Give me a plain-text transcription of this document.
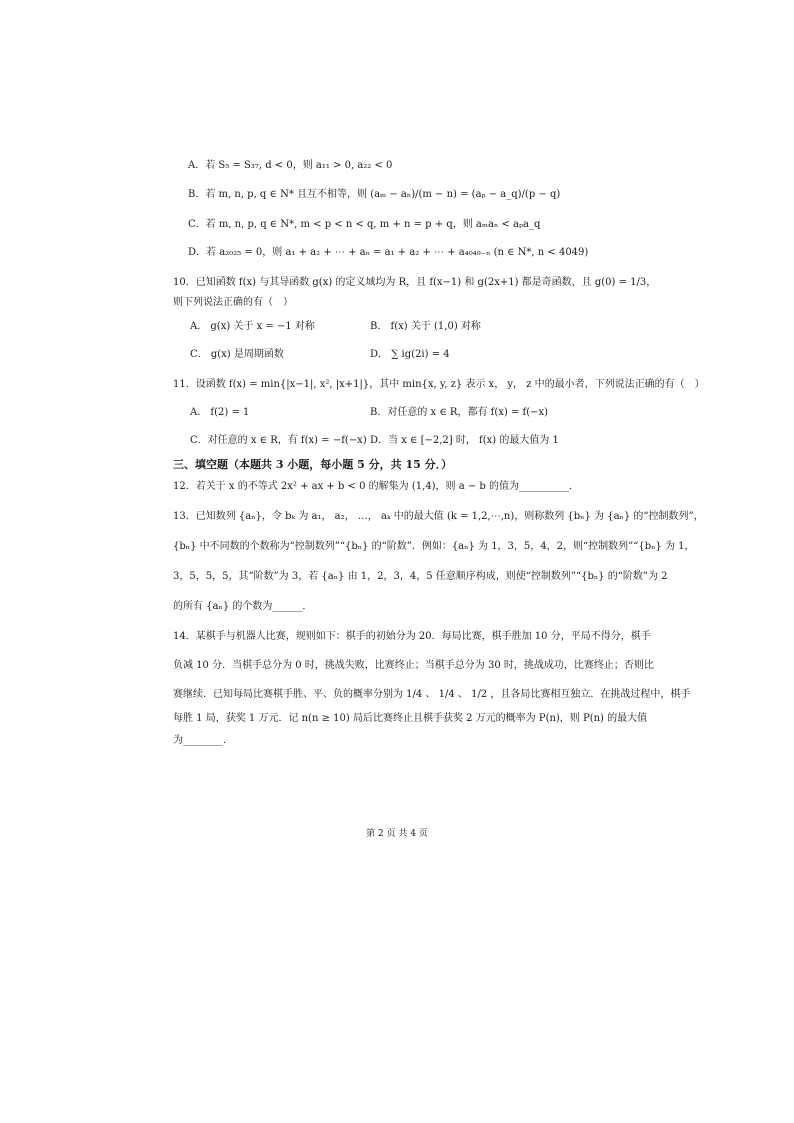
A．若 S₅ = S₃₇, d < 0，则 a₁₁ > 0, a₂₂ < 0
B．若 m, n, p, q ∈ N* 且互不相等，则 (aₘ − aₙ)/(m − n) = (aₚ − a_q)/(p − q)
C．若 m, n, p, q ∈ N*, m < p < n < q, m + n = p + q，则 aₘaₙ < aₚa_q
D．若 a₂₀₂₅ = 0，则 a₁ + a₂ + ⋯ + aₙ = a₁ + a₂ + ⋯ + a₄₀₄₉₋ₙ (n ∈ N*, n < 4049)
10．已知函数 f(x) 与其导函数 g(x) 的定义域均为 R，且 f(x−1) 和 g(2x+1) 都是奇函数，且 g(0) = 1/3，
则下列说法正确的有（　）
A． g(x) 关于 x = −1 对称	B． f(x) 关于 (1,0) 对称
C． g(x) 是周期函数	D． ∑ ig(2i) = 4
11．设函数 f(x) = min{|x−1|, x², |x+1|}，其中 min{x, y, z} 表示 x， y， z 中的最小者，下列说法正确的有（　）
A． f(2) = 1	B．对任意的 x ∈ R，都有 f(x) = f(−x)
C．对任意的 x ∈ R，有 f(x) = −f(−x) D．当 x ∈ [−2,2] 时， f(x) 的最大值为 1
三、填空题（本题共 3 小题，每小题 5 分，共 15 分．）
12．若关于 x 的不等式 2x² + ax + b < 0 的解集为 (1,4)，则 a − b 的值为__________．
13．已知数列 {aₙ}，令 bₖ 为 a₁， a₂， …， aₖ 中的最大值 (k = 1,2,⋯,n)，则称数列 {bₙ} 为 {aₙ} 的“控制数列”，
{bₙ} 中不同数的个数称为“控制数列”“{bₙ} 的“阶数”．例如：{aₙ} 为 1，3，5，4，2，则“控制数列”“{bₙ} 为 1，
3，5，5，5，其“阶数”为 3，若 {aₙ} 由 1，2，3，4，5 任意顺序构成，则使“控制数列”“{bₙ} 的“阶数”为 2
的所有 {aₙ} 的个数为______．
14．某棋手与机器人比赛，规则如下：棋手的初始分为 20．每局比赛，棋手胜加 10 分，平局不得分，棋手
负减 10 分．当棋手总分为 0 时，挑战失败，比赛终止；当棋手总分为 30 时，挑战成功，比赛终止；否则比
赛继续．已知每局比赛棋手胜、平、负的概率分别为 1/4 、 1/4 、 1/2 ，且各局比赛相互独立．在挑战过程中，棋手
每胜 1 局，获奖 1 万元．记 n(n ≥ 10) 局后比赛终止且棋手获奖 2 万元的概率为 P(n)，则 P(n) 的最大值
为________．
第 2 页 共 4 页
